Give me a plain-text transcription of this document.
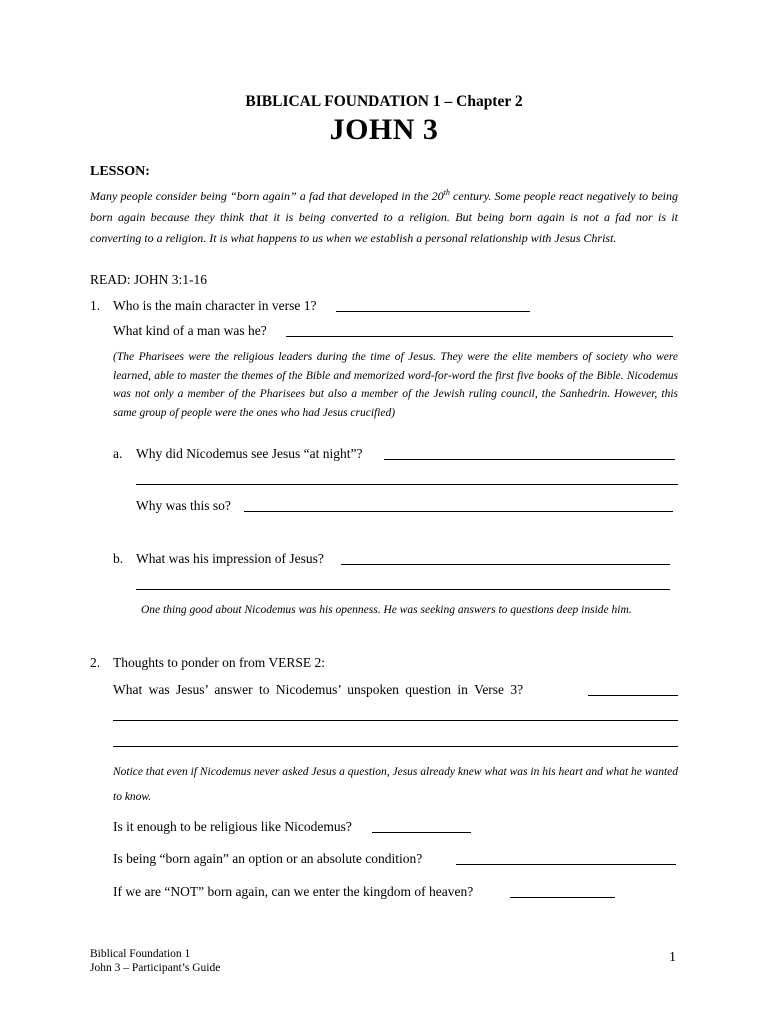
BIBLICAL FOUNDATION 1 – Chapter 2
JOHN 3
LESSON:
Many people consider being “born again” a fad that developed in the 20th century. Some people react negatively to being born again because they think that it is being converted to a religion. But being born again is not a fad nor is it converting to a religion. It is what happens to us when we establish a personal relationship with Jesus Christ.
READ: JOHN 3:1-16
1. Who is the main character in verse 1?
What kind of a man was he?
(The Pharisees were the religious leaders during the time of Jesus. They were the elite members of society who were learned, able to master the themes of the Bible and memorized word-for-word the first five books of the Bible. Nicodemus was not only a member of the Pharisees but also a member of the Jewish ruling council, the Sanhedrin. However, this same group of people were the ones who had Jesus crucified)
a. Why did Nicodemus see Jesus “at night”?
Why was this so?
b. What was his impression of Jesus?
One thing good about Nicodemus was his openness. He was seeking answers to questions deep inside him.
2. Thoughts to ponder on from VERSE 2:
What was Jesus’ answer to Nicodemus’ unspoken question in Verse 3?
Notice that even if Nicodemus never asked Jesus a question, Jesus already knew what was in his heart and what he wanted to know.
Is it enough to be religious like Nicodemus?
Is being “born again” an option or an absolute condition?
If we are “NOT” born again, can we enter the kingdom of heaven?
Biblical Foundation 1
John 3 – Participant’s Guide
1
